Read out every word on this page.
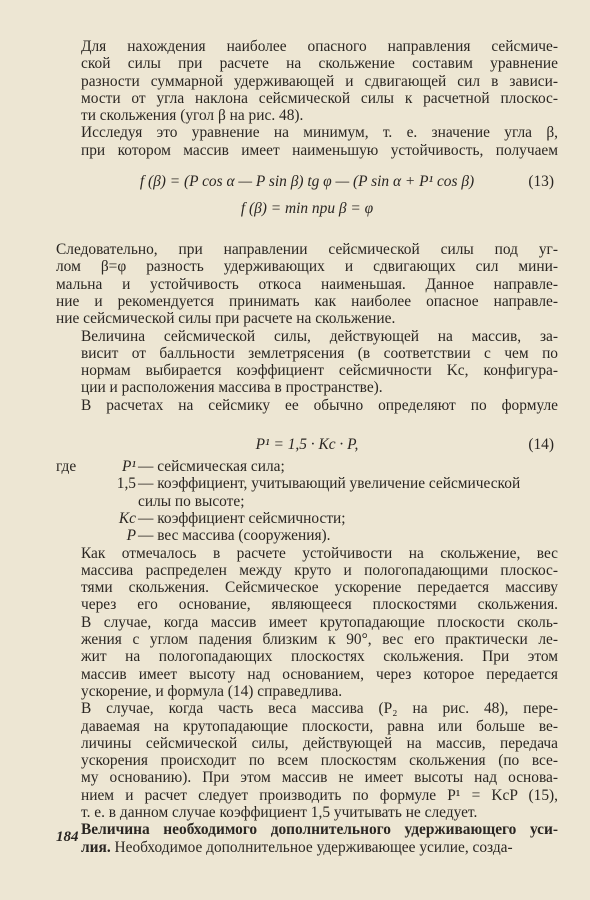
Для нахождения наиболее опасного направления сейсмиче-
ской силы при расчете на скольжение составим уравнение
разности суммарной удерживающей и сдвигающей сил в зависи-
мости от угла наклона сейсмической силы к расчетной плоскос-
ти скольжения (угол β на рис. 48).

Исследуя это уравнение на минимум, т. е. значение угла β,
при котором массив имеет наименьшую устойчивость, получаем

f (β) = (P cos α — P sin β) tg φ — (P sin α + P¹ cos β)	(13)
f (β) = min при β = φ

Следовательно, при направлении сейсмической силы под уг-
лом β=φ разность удерживающих и сдвигающих сил мини-
мальна и устойчивость откоса наименьшая. Данное направле-
ние и рекомендуется принимать как наиболее опасное направле-
ние сейсмической силы при расчете на скольжение.

Величина сейсмической силы, действующей на массив, за-
висит от балльности землетрясения (в соответствии с чем по
нормам выбирается коэффициент сейсмичности Kс, конфигура-
ции и расположения массива в пространстве).

В расчетах на сейсмику ее обычно определяют по формуле

P¹ = 1,5 · Kс · P,	(14)
где	P¹ — сейсмическая сила;
1,5 — коэффициент, учитывающий увеличение сейсмической
силы по высоте;
Kс — коэффициент сейсмичности;
P — вес массива (сооружения).

Как отмечалось в расчете устойчивости на скольжение, вес
массива распределен между круто и пологопадающими плоскос-
тями скольжения. Сейсмическое ускорение передается массиву
через его основание, являющееся плоскостями скольжения.
В случае, когда массив имеет крутопадающие плоскости сколь-
жения с углом падения близким к 90°, вес его практически ле-
жит на пологопадающих плоскостях скольжения. При этом
массив имеет высоту над основанием, через которое передается
ускорение, и формула (14) справедлива.

В случае, когда часть веса массива (P₂ на рис. 48), пере-
даваемая на крутопадающие плоскости, равна или больше ве-
личины сейсмической силы, действующей на массив, передача
ускорения происходит по всем плоскостям скольжения (по все-
му основанию). При этом массив не имеет высоты над основа-
нием и расчет следует производить по формуле P¹ = KсP (15),
т. е. в данном случае коэффициент 1,5 учитывать не следует.

Величина необходимого дополнительного удерживающего уси-
лия. Необходимое дополнительное удерживающее усилие, созда-

184
